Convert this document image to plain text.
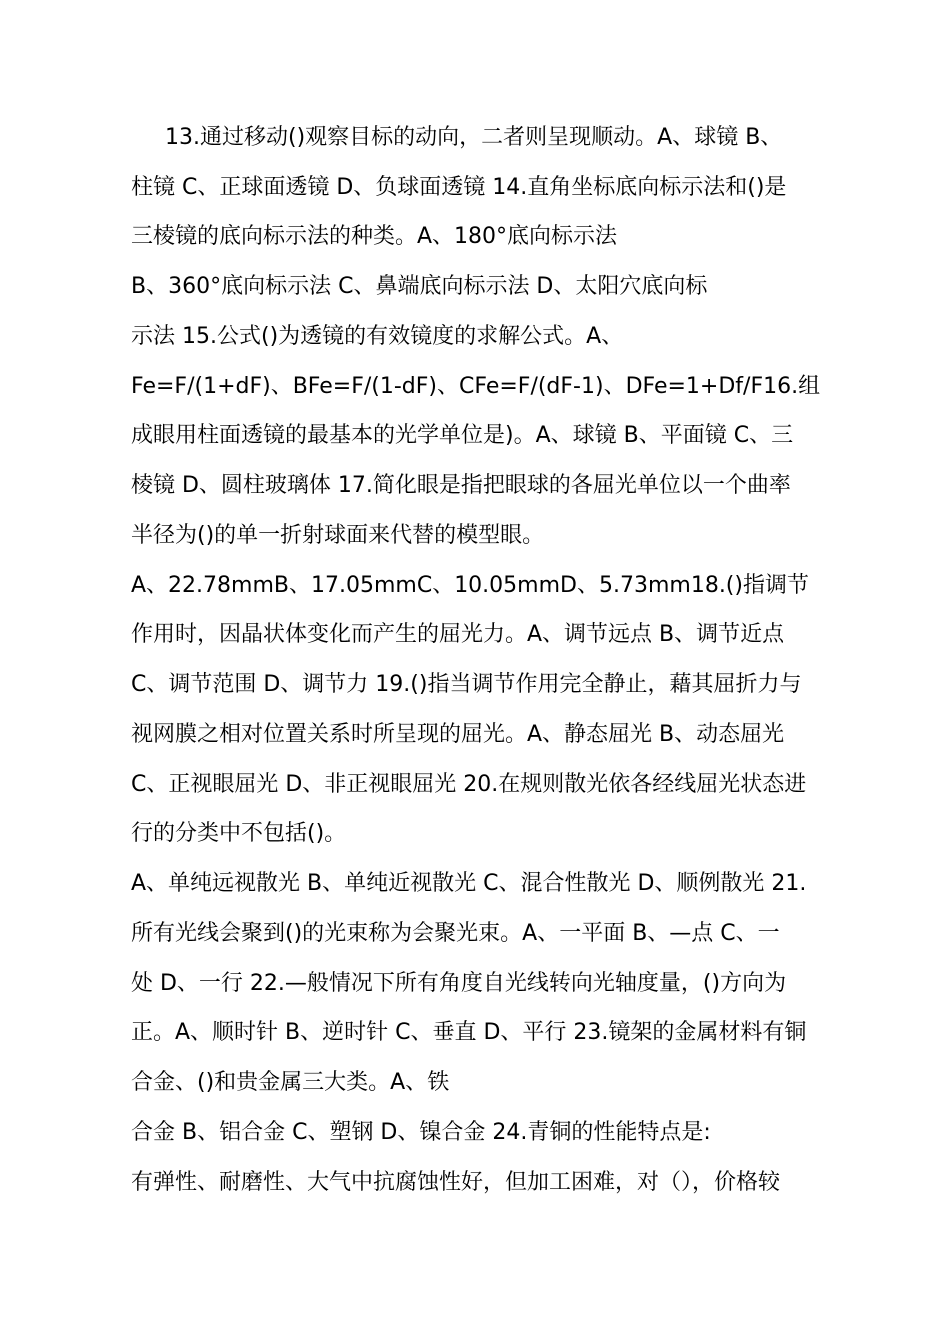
13.通过移动()观察目标的动向，二者则呈现顺动。A、球镜 B、
柱镜 C、正球面透镜 D、负球面透镜 14.直角坐标底向标示法和()是
三棱镜的底向标示法的种类。A、180°底向标示法
B、360°底向标示法 C、鼻端底向标示法 D、太阳穴底向标
示法 15.公式()为透镜的有效镜度的求解公式。A、
Fe=F/(1+dF)、BFe=F/(1-dF)、CFe=F/(dF-1)、DFe=1+Df/F16.组
成眼用柱面透镜的最基本的光学单位是)。A、球镜 B、平面镜 C、三
棱镜 D、圆柱玻璃体 17.简化眼是指把眼球的各屈光单位以一个曲率
半径为()的单一折射球面来代替的模型眼。
A、22.78mmB、17.05mmC、10.05mmD、5.73mm18.()指调节
作用时，因晶状体变化而产生的屈光力。A、调节远点 B、调节近点
C、调节范围 D、调节力 19.()指当调节作用完全静止，藉其屈折力与
视网膜之相对位置关系时所呈现的屈光。A、静态屈光 B、动态屈光
C、正视眼屈光 D、非正视眼屈光 20.在规则散光依各经线屈光状态进
行的分类中不包括()。
A、单纯远视散光 B、单纯近视散光 C、混合性散光 D、顺例散光 21.
所有光线会聚到()的光束称为会聚光束。A、一平面 B、—点 C、一
处 D、一行 22.—般情况下所有角度自光线转向光轴度量，()方向为
正。A、顺时针 B、逆时针 C、垂直 D、平行 23.镜架的金属材料有铜
合金、()和贵金属三大类。A、铁
合金 B、铝合金 C、塑钢 D、镍合金 24.青铜的性能特点是:
有弹性、耐磨性、大气中抗腐蚀性好，但加工困难，对（），价格较
